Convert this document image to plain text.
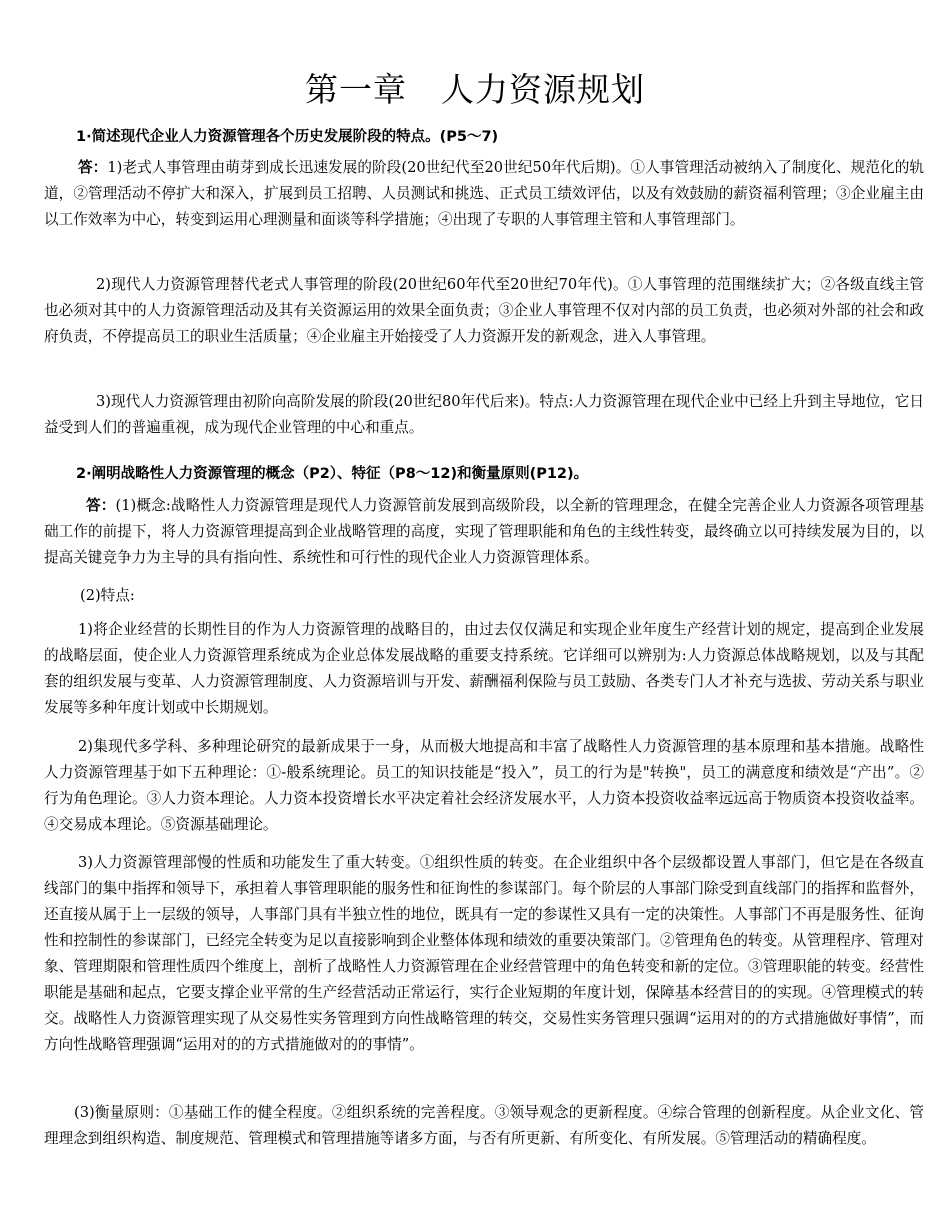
第一章　人力资源规划
1·简述现代企业人力资源管理各个历史发展阶段的特点。(P5～7)
答：1)老式人事管理由萌芽到成长迅速发展的阶段(20世纪代至20世纪50年代后期)。①人事管理活动被纳入了制度化、规范化的轨道，②管理活动不停扩大和深入，扩展到员工招聘、人员测试和挑选、正式员工绩效评估，以及有效鼓励的薪资福利管理；③企业雇主由以工作效率为中心，转变到运用心理测量和面谈等科学措施；④出现了专职的人事管理主管和人事管理部门。
2)现代人力资源管理替代老式人事管理的阶段(20世纪60年代至20世纪70年代)。①人事管理的范围继续扩大；②各级直线主管也必须对其中的人力资源管理活动及其有关资源运用的效果全面负责；③企业人事管理不仅对内部的员工负责，也必须对外部的社会和政府负责，不停提高员工的职业生活质量；④企业雇主开始接受了人力资源开发的新观念，进入人事管理。
3)现代人力资源管理由初阶向高阶发展的阶段(20世纪80年代后来)。特点:人力资源管理在现代企业中已经上升到主导地位，它日益受到人们的普遍重视，成为现代企业管理的中心和重点。
2·阐明战略性人力资源管理的概念（P2）、特征（P8～12)和衡量原则(P12)。
答：(1)概念:战略性人力资源管理是现代人力资源管前发展到高级阶段，以全新的管理理念，在健全完善企业人力资源各项管理基础工作的前提下，将人力资源管理提高到企业战略管理的高度，实现了管理职能和角色的主线性转变，最终确立以可持续发展为目的，以提高关键竞争力为主导的具有指向性、系统性和可行性的现代企业人力资源管理体系。
(2)特点:
1)将企业经营的长期性目的作为人力资源管理的战略目的，由过去仅仅满足和实现企业年度生产经营计划的规定，提高到企业发展的战略层面，使企业人力资源管理系统成为企业总体发展战略的重要支持系统。它详细可以辨别为:人力资源总体战略规划，以及与其配套的组织发展与变革、人力资源管理制度、人力资源培训与开发、薪酬福利保险与员工鼓励、各类专门人才补充与选拔、劳动关系与职业发展等多种年度计划或中长期规划。
2)集现代多学科、多种理论研究的最新成果于一身，从而极大地提高和丰富了战略性人力资源管理的基本原理和基本措施。战略性人力资源管理基于如下五种理论：①-般系统理论。员工的知识技能是“投入”，员工的行为是"转换"，员工的满意度和绩效是“产出”。②行为角色理论。③人力资本理论。人力资本投资增长水平决定着社会经济发展水平，人力资本投资收益率远远高于物质资本投资收益率。④交易成本理论。⑤资源基础理论。
3)人力资源管理部慢的性质和功能发生了重大转变。①组织性质的转变。在企业组织中各个层级都设置人事部门，但它是在各级直线部门的集中指挥和领导下，承担着人事管理职能的服务性和征询性的参谋部门。每个阶层的人事部门除受到直线部门的指挥和监督外，还直接从属于上一层级的领导，人事部门具有半独立性的地位，既具有一定的参谋性又具有一定的决策性。人事部门不再是服务性、征询性和控制性的参谋部门，已经完全转变为足以直接影响到企业整体体现和绩效的重要决策部门。②管理角色的转变。从管理程序、管理对象、管理期限和管理性质四个维度上，剖析了战略性人力资源管理在企业经营管理中的角色转变和新的定位。③管理职能的转变。经营性职能是基础和起点，它要支撑企业平常的生产经营活动正常运行，实行企业短期的年度计划，保障基本经营目的的实现。④管理模式的转交。战略性人力资源管理实现了从交易性实务管理到方向性战略管理的转交，交易性实务管理只强调“运用对的的方式措施做好事情”，而方向性战略管理强调“运用对的的方式措施做对的的事情”。
(3)衡量原则：①基础工作的健全程度。②组织系统的完善程度。③领导观念的更新程度。④综合管理的创新程度。从企业文化、管理理念到组织构造、制度规范、管理模式和管理措施等诸多方面，与否有所更新、有所变化、有所发展。⑤管理活动的精确程度。
